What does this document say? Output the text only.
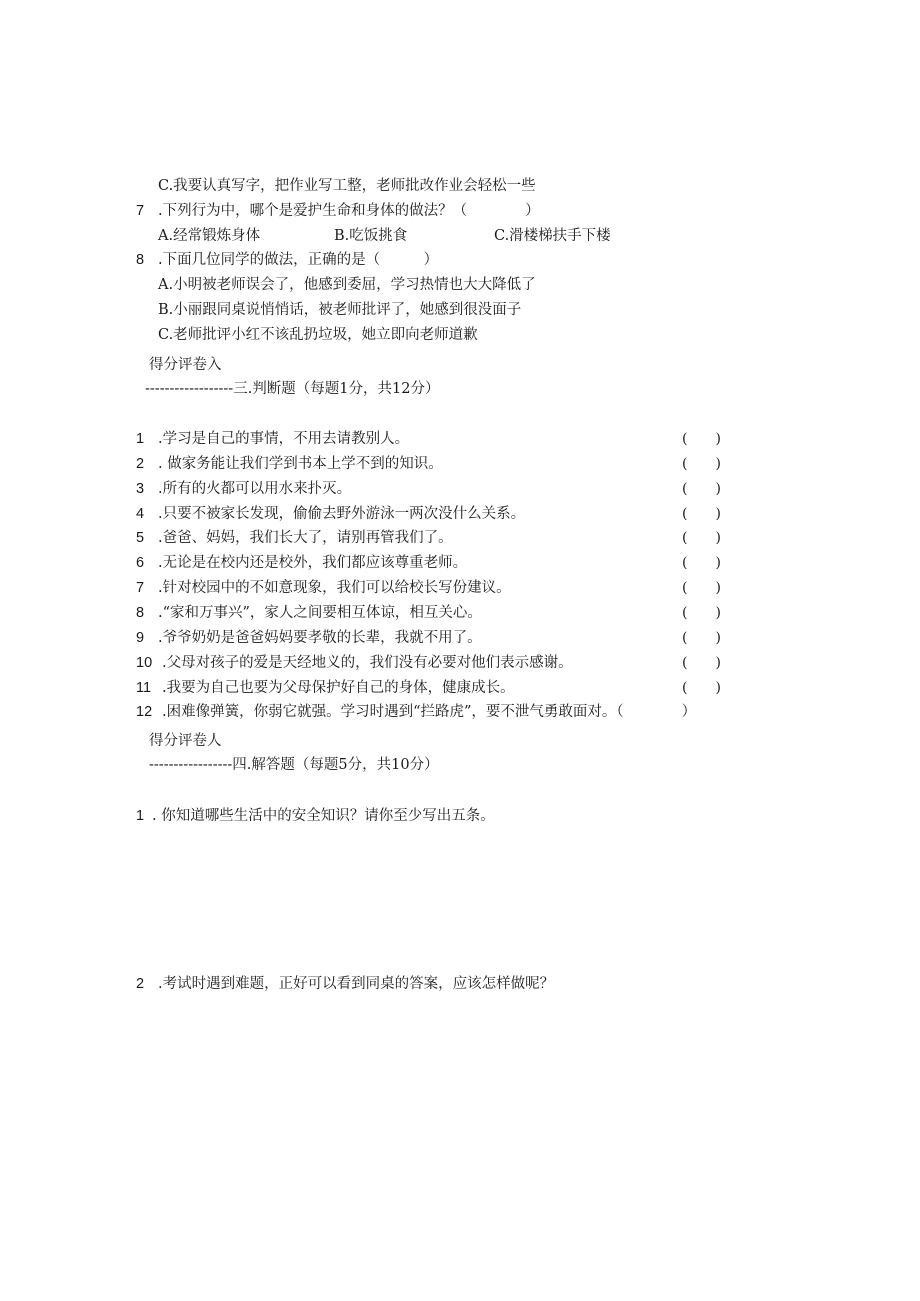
C.我要认真写字，把作业写工整，老师批改作业会轻松一些
7 .下列行为中，哪个是爱护生命和身体的做法？（　　　　）
A.经常锻炼身体	B.吃饭挑食	C.滑楼梯扶手下楼
8 .下面几位同学的做法，正确的是（　　　）
A.小明被老师误会了，他感到委屈，学习热情也大大降低了
B.小丽跟同桌说悄悄话，被老师批评了，她感到很没面子
C.老师批评小红不该乱扔垃圾，她立即向老师道歉
得分评卷入
------------------三.判断题（每题1分，共12分）
1 .学习是自己的事情，不用去请教别人。	(　　)
2 . 做家务能让我们学到书本上学不到的知识。	(　　)
3 .所有的火都可以用水来扑灭。	(　　)
4 .只要不被家长发现，偷偷去野外游泳一两次没什么关系。	(　　)
5 .爸爸、妈妈，我们长大了，请别再管我们了。	(　　)
6 .无论是在校内还是校外，我们都应该尊重老师。	(　　)
7 .针对校园中的不如意现象，我们可以给校长写份建议。	(　　)
8 .“家和万事兴”，家人之间要相互体谅，相互关心。	(　　)
9 .爷爷奶奶是爸爸妈妈要孝敬的长辈，我就不用了。	(　　)
10 .父母对孩子的爱是天经地义的，我们没有必要对他们表示感谢。	(　　)
11 .我要为自己也要为父母保护好自己的身体，健康成长。	(　　)
12 .困难像弹簧，你弱它就强。学习时遇到“拦路虎”，要不泄气勇敢面对。（　　　　）
得分评卷人
-----------------四.解答题（每题5分，共10分）
1 . 你知道哪些生活中的安全知识？请你至少写出五条。
2 .考试时遇到难题，正好可以看到同桌的答案，应该怎样做呢？
